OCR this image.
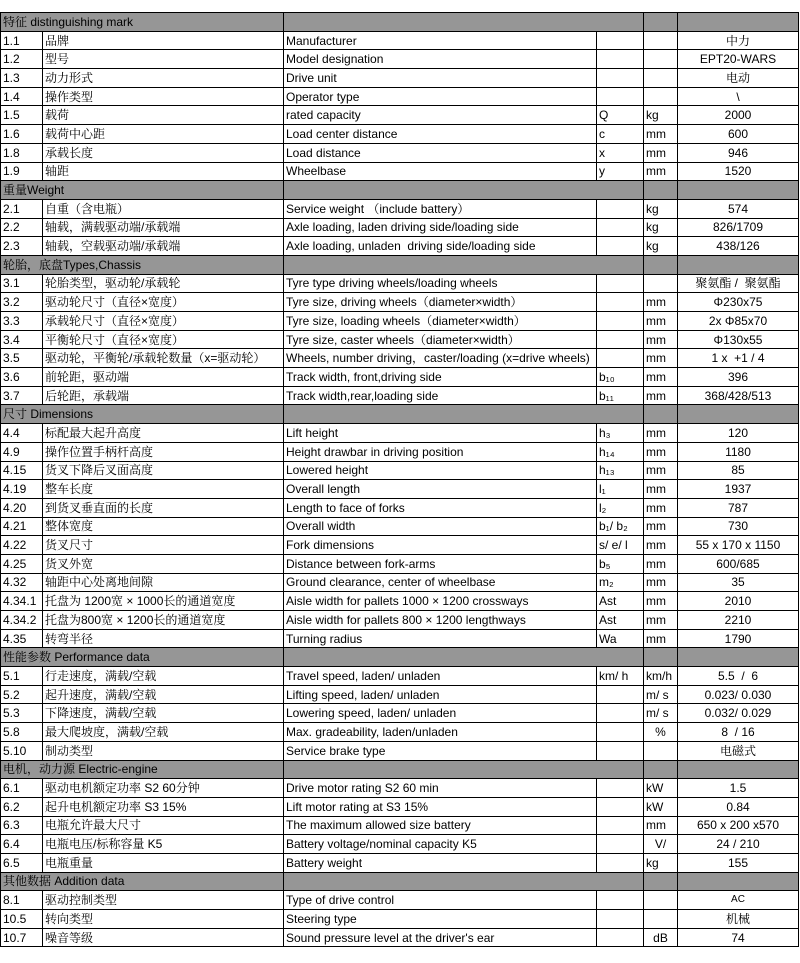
特征 distinguishing mark					
1.1	品牌	Manufacturer			中力
1.2	型号	Model designation			EPT20-WARS
1.3	动力形式	Drive unit			电动
1.4	操作类型	Operator type			\
1.5	载荷	rated capacity	Q	kg	2000
1.6	载荷中心距	Load center distance	c	mm	600
1.8	承载长度	Load distance	x	mm	946
1.9	轴距	Wheelbase	y	mm	1520
重量Weight					
2.1	自重（含电瓶）	Service weight （include battery）		kg	574
2.2	轴载，满载驱动端/承载端	Axle loading, laden driving side/loading side		kg	826/1709
2.3	轴载，空载驱动端/承载端	Axle loading, unladen  driving side/loading side		kg	438/126
轮胎，底盘Types,Chassis					
3.1	轮胎类型，驱动轮/承载轮	Tyre type driving wheels/loading wheels			聚氨酯 /  聚氨酯
3.2	驱动轮尺寸（直径×宽度）	Tyre size, driving wheels（diameter×width）		mm	Φ230x75
3.3	承载轮尺寸（直径×宽度）	Tyre size, loading wheels（diameter×width）		mm	2x Φ85x70
3.4	平衡轮尺寸（直径×宽度）	Tyre size, caster wheels（diameter×width）		mm	Φ130x55
3.5	驱动轮，平衡轮/承载轮数量（x=驱动轮）	Wheels, number driving，caster/loading (x=drive wheels)		mm	1 x  +1 / 4
3.6	前轮距，驱动端	Track width, front,driving side	b₁₀	mm	396
3.7	后轮距，承载端	Track width,rear,loading side	b₁₁	mm	368/428/513
尺寸 Dimensions					
4.4	标配最大起升高度	Lift height	h₃	mm	120
4.9	操作位置手柄杆高度	Height drawbar in driving position	h₁₄	mm	1180
4.15	货叉下降后叉面高度	Lowered height	h₁₃	mm	85
4.19	整车长度	Overall length	l₁	mm	1937
4.20	到货叉垂直面的长度	Length to face of forks	l₂	mm	787
4.21	整体宽度	Overall width	b₁/ b₂	mm	730
4.22	货叉尺寸	Fork dimensions	s/ e/ l	mm	55 x 170 x 1150
4.25	货叉外宽	Distance between fork-arms	b₅	mm	600/685
4.32	轴距中心处离地间隙	Ground clearance, center of wheelbase	m₂	mm	35
4.34.1	托盘为 1200宽 × 1000长的通道宽度	Aisle width for pallets 1000 × 1200 crossways	Ast	mm	2010
4.34.2	托盘为800宽 × 1200长的通道宽度	Aisle width for pallets 800 × 1200 lengthways	Ast	mm	2210
4.35	转弯半径	Turning radius	Wa	mm	1790
性能参数 Performance data					
5.1	行走速度，满载/空载	Travel speed, laden/ unladen	km/ h	km/h	5.5  /  6
5.2	起升速度，满载/空载	Lifting speed, laden/ unladen		m/ s	0.023/ 0.030
5.3	下降速度，满载/空载	Lowering speed, laden/ unladen		m/ s	0.032/ 0.029
5.8	最大爬坡度，满载/空载	Max. gradeability, laden/unladen		%	8  / 16
5.10	制动类型	Service brake type			电磁式
电机，动力源 Electric-engine					
6.1	驱动电机额定功率 S2 60分钟	Drive motor rating S2 60 min		kW	1.5
6.2	起升电机额定功率 S3 15%	Lift motor rating at S3 15%		kW	0.84
6.3	电瓶允许最大尺寸	The maximum allowed size battery		mm	650 x 200 x570
6.4	电瓶电压/标称容量 K5	Battery voltage/nominal capacity K5		V/	24 / 210
6.5	电瓶重量	Battery weight		kg	155
其他数据 Addition data					
8.1	驱动控制类型	Type of drive control			AC
10.5	转向类型	Steering type			机械
10.7	噪音等级	Sound pressure level at the driver's ear		dB	74
